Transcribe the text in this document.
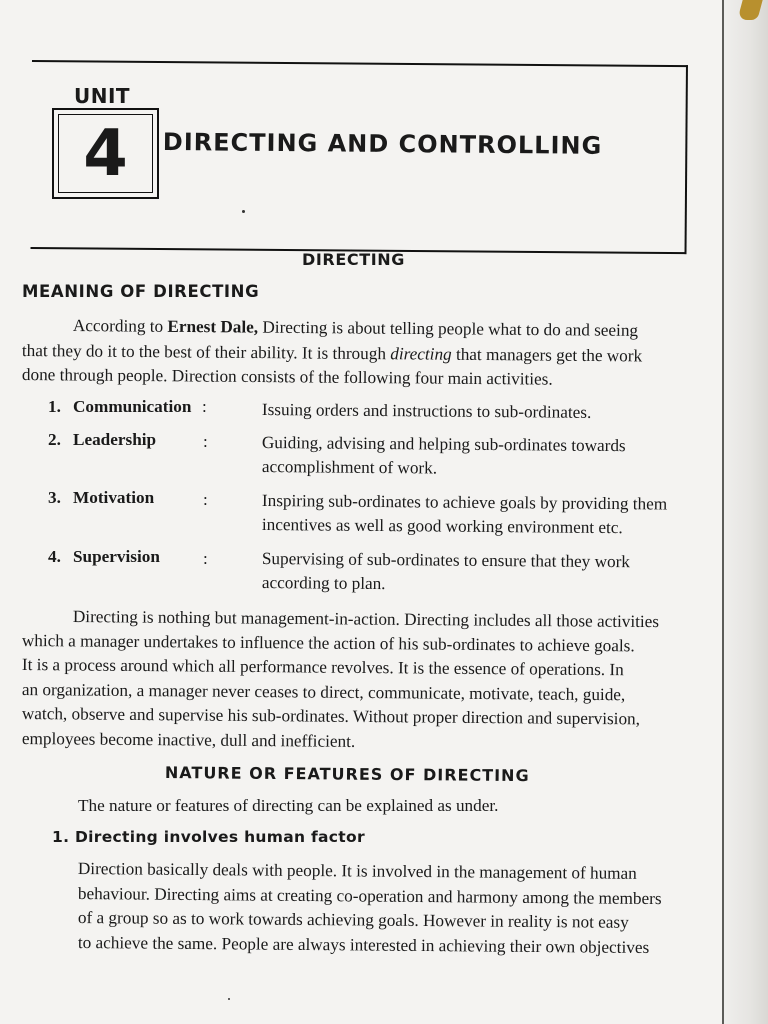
UNIT
4 DIRECTING AND CONTROLLING
DIRECTING
MEANING OF DIRECTING
According to Ernest Dale, Directing is about telling people what to do and seeing
that they do it to the best of their ability. It is through directing that managers get the work
done through people. Direction consists of the following four main activities.
1. Communication :	Issuing orders and instructions to sub-ordinates.
2. Leadership	:	Guiding, advising and helping sub-ordinates towards
accomplishment of work.
3. Motivation	:	Inspiring sub-ordinates to achieve goals by providing them
incentives as well as good working environment etc.
4. Supervision	:	Supervising of sub-ordinates to ensure that they work
according to plan.
Directing is nothing but management-in-action. Directing includes all those activities
which a manager undertakes to influence the action of his sub-ordinates to achieve goals.
It is a process around which all performance revolves. It is the essence of operations. In
an organization, a manager never ceases to direct, communicate, motivate, teach, guide,
watch, observe and supervise his sub-ordinates. Without proper direction and supervision,
employees become inactive, dull and inefficient.
NATURE OR FEATURES OF DIRECTING
The nature or features of directing can be explained as under.
1. Directing involves human factor
Direction basically deals with people. It is involved in the management of human
behaviour. Directing aims at creating co-operation and harmony among the members
of a group so as to work towards achieving goals. However in reality is not easy
to achieve the same. People are always interested in achieving their own objectives
